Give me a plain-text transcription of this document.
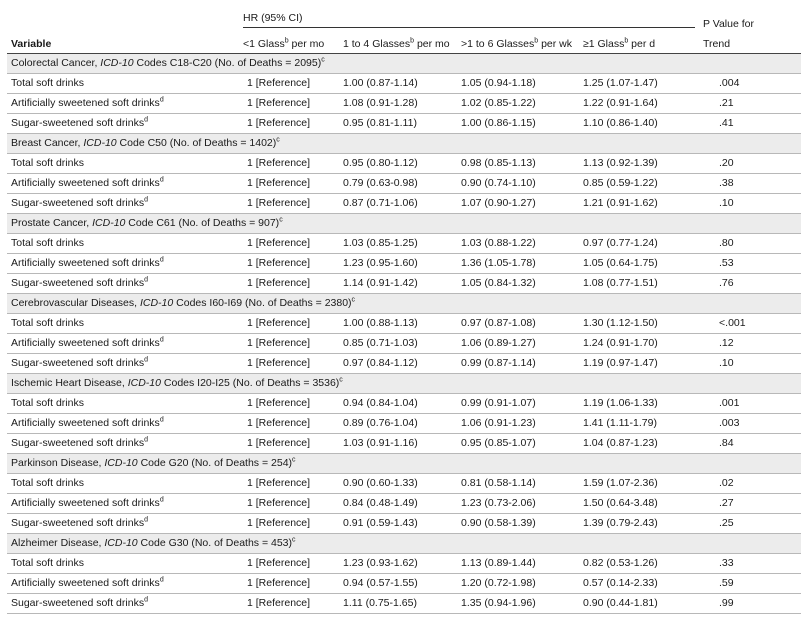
	HR (95% CI)				P Value for
Variable	<1 Glass$^b$ per mo	1 to 4 Glasses$^b$ per mo	>1 to 6 Glasses$^b$ per wk	≥1 Glass$^b$ per d	Trend
Colorectal Cancer, ICD-10 Codes C18-C20 (No. of Deaths = 2095)$^c$
Total soft drinks	1 [Reference]	1.00 (0.87-1.14)	1.05 (0.94-1.18)	1.25 (1.07-1.47)	.004
Artificially sweetened soft drinks$^d$	1 [Reference]	1.08 (0.91-1.28)	1.02 (0.85-1.22)	1.22 (0.91-1.64)	.21
Sugar-sweetened soft drinks$^d$	1 [Reference]	0.95 (0.81-1.11)	1.00 (0.86-1.15)	1.10 (0.86-1.40)	.41
Breast Cancer, ICD-10 Code C50 (No. of Deaths = 1402)$^c$
Total soft drinks	1 [Reference]	0.95 (0.80-1.12)	0.98 (0.85-1.13)	1.13 (0.92-1.39)	.20
Artificially sweetened soft drinks$^d$	1 [Reference]	0.79 (0.63-0.98)	0.90 (0.74-1.10)	0.85 (0.59-1.22)	.38
Sugar-sweetened soft drinks$^d$	1 [Reference]	0.87 (0.71-1.06)	1.07 (0.90-1.27)	1.21 (0.91-1.62)	.10
Prostate Cancer, ICD-10 Code C61 (No. of Deaths = 907)$^c$
Total soft drinks	1 [Reference]	1.03 (0.85-1.25)	1.03 (0.88-1.22)	0.97 (0.77-1.24)	.80
Artificially sweetened soft drinks$^d$	1 [Reference]	1.23 (0.95-1.60)	1.36 (1.05-1.78)	1.05 (0.64-1.75)	.53
Sugar-sweetened soft drinks$^d$	1 [Reference]	1.14 (0.91-1.42)	1.05 (0.84-1.32)	1.08 (0.77-1.51)	.76
Cerebrovascular Diseases, ICD-10 Codes I60-I69 (No. of Deaths = 2380)$^c$
Total soft drinks	1 [Reference]	1.00 (0.88-1.13)	0.97 (0.87-1.08)	1.30 (1.12-1.50)	<.001
Artificially sweetened soft drinks$^d$	1 [Reference]	0.85 (0.71-1.03)	1.06 (0.89-1.27)	1.24 (0.91-1.70)	.12
Sugar-sweetened soft drinks$^d$	1 [Reference]	0.97 (0.84-1.12)	0.99 (0.87-1.14)	1.19 (0.97-1.47)	.10
Ischemic Heart Disease, ICD-10 Codes I20-I25 (No. of Deaths = 3536)$^c$
Total soft drinks	1 [Reference]	0.94 (0.84-1.04)	0.99 (0.91-1.07)	1.19 (1.06-1.33)	.001
Artificially sweetened soft drinks$^d$	1 [Reference]	0.89 (0.76-1.04)	1.06 (0.91-1.23)	1.41 (1.11-1.79)	.003
Sugar-sweetened soft drinks$^d$	1 [Reference]	1.03 (0.91-1.16)	0.95 (0.85-1.07)	1.04 (0.87-1.23)	.84
Parkinson Disease, ICD-10 Code G20 (No. of Deaths = 254)$^c$
Total soft drinks	1 [Reference]	0.90 (0.60-1.33)	0.81 (0.58-1.14)	1.59 (1.07-2.36)	.02
Artificially sweetened soft drinks$^d$	1 [Reference]	0.84 (0.48-1.49)	1.23 (0.73-2.06)	1.50 (0.64-3.48)	.27
Sugar-sweetened soft drinks$^d$	1 [Reference]	0.91 (0.59-1.43)	0.90 (0.58-1.39)	1.39 (0.79-2.43)	.25
Alzheimer Disease, ICD-10 Code G30 (No. of Deaths = 453)$^c$
Total soft drinks	1 [Reference]	1.23 (0.93-1.62)	1.13 (0.89-1.44)	0.82 (0.53-1.26)	.33
Artificially sweetened soft drinks$^d$	1 [Reference]	0.94 (0.57-1.55)	1.20 (0.72-1.98)	0.57 (0.14-2.33)	.59
Sugar-sweetened soft drinks$^d$	1 [Reference]	1.11 (0.75-1.65)	1.35 (0.94-1.96)	0.90 (0.44-1.81)	.99
